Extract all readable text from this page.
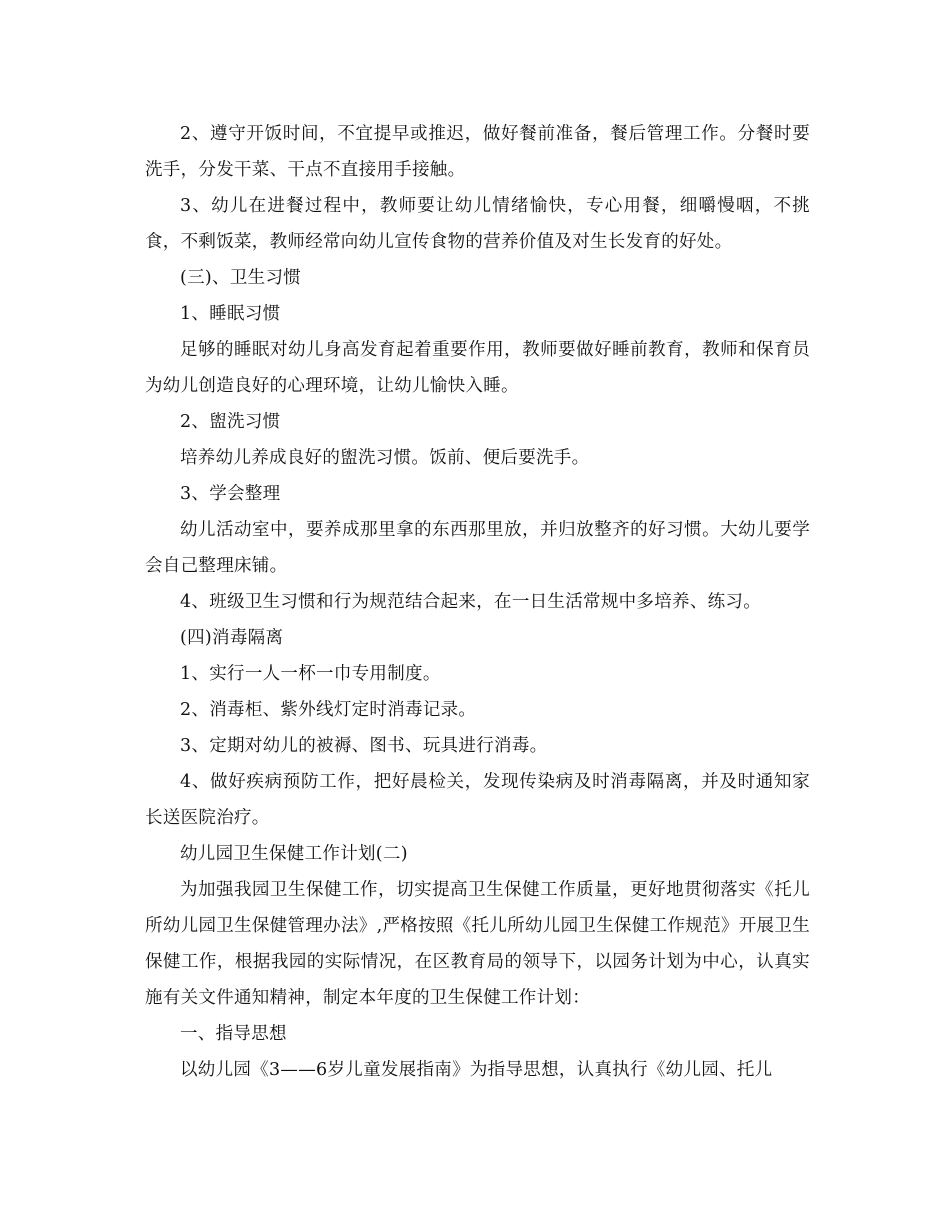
2、遵守开饭时间，不宜提早或推迟，做好餐前准备，餐后管理工作。分餐时要洗手，分发干菜、干点不直接用手接触。

3、幼儿在进餐过程中，教师要让幼儿情绪愉快，专心用餐，细嚼慢咽，不挑食，不剩饭菜，教师经常向幼儿宣传食物的营养价值及对生长发育的好处。

(三)、卫生习惯

1、睡眠习惯

足够的睡眠对幼儿身高发育起着重要作用，教师要做好睡前教育，教师和保育员为幼儿创造良好的心理环境，让幼儿愉快入睡。

2、盥洗习惯

培养幼儿养成良好的盥洗习惯。饭前、便后要洗手。

3、学会整理

幼儿活动室中，要养成那里拿的东西那里放，并归放整齐的好习惯。大幼儿要学会自己整理床铺。

4、班级卫生习惯和行为规范结合起来，在一日生活常规中多培养、练习。

(四)消毒隔离

1、实行一人一杯一巾专用制度。

2、消毒柜、紫外线灯定时消毒记录。

3、定期对幼儿的被褥、图书、玩具进行消毒。

4、做好疾病预防工作，把好晨检关，发现传染病及时消毒隔离，并及时通知家长送医院治疗。

幼儿园卫生保健工作计划(二)

为加强我园卫生保健工作，切实提高卫生保健工作质量，更好地贯彻落实《托儿所幼儿园卫生保健管理办法》,严格按照《托儿所幼儿园卫生保健工作规范》开展卫生保健工作，根据我园的实际情况，在区教育局的领导下，以园务计划为中心，认真实施有关文件通知精神，制定本年度的卫生保健工作计划：

一、指导思想

以幼儿园《3——6岁儿童发展指南》为指导思想，认真执行《幼儿园、托儿
